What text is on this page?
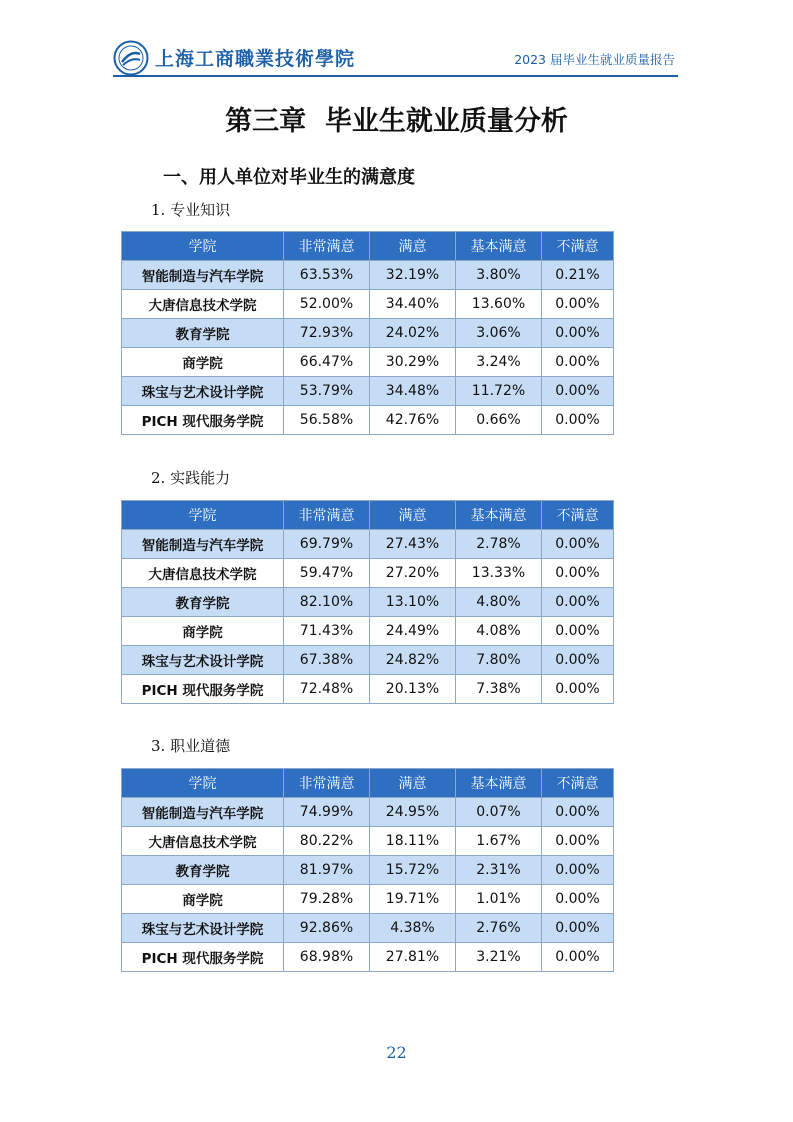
上海工商職業技術學院	2023 届毕业生就业质量报告
第三章  毕业生就业质量分析
一、用人单位对毕业生的满意度
1. 专业知识
学院	非常满意	满意	基本满意	不满意
智能制造与汽车学院	63.53%	32.19%	3.80%	0.21%
大唐信息技术学院	52.00%	34.40%	13.60%	0.00%
教育学院	72.93%	24.02%	3.06%	0.00%
商学院	66.47%	30.29%	3.24%	0.00%
珠宝与艺术设计学院	53.79%	34.48%	11.72%	0.00%
PICH 现代服务学院	56.58%	42.76%	0.66%	0.00%
2. 实践能力
学院	非常满意	满意	基本满意	不满意
智能制造与汽车学院	69.79%	27.43%	2.78%	0.00%
大唐信息技术学院	59.47%	27.20%	13.33%	0.00%
教育学院	82.10%	13.10%	4.80%	0.00%
商学院	71.43%	24.49%	4.08%	0.00%
珠宝与艺术设计学院	67.38%	24.82%	7.80%	0.00%
PICH 现代服务学院	72.48%	20.13%	7.38%	0.00%
3. 职业道德
学院	非常满意	满意	基本满意	不满意
智能制造与汽车学院	74.99%	24.95%	0.07%	0.00%
大唐信息技术学院	80.22%	18.11%	1.67%	0.00%
教育学院	81.97%	15.72%	2.31%	0.00%
商学院	79.28%	19.71%	1.01%	0.00%
珠宝与艺术设计学院	92.86%	4.38%	2.76%	0.00%
PICH 现代服务学院	68.98%	27.81%	3.21%	0.00%
22
